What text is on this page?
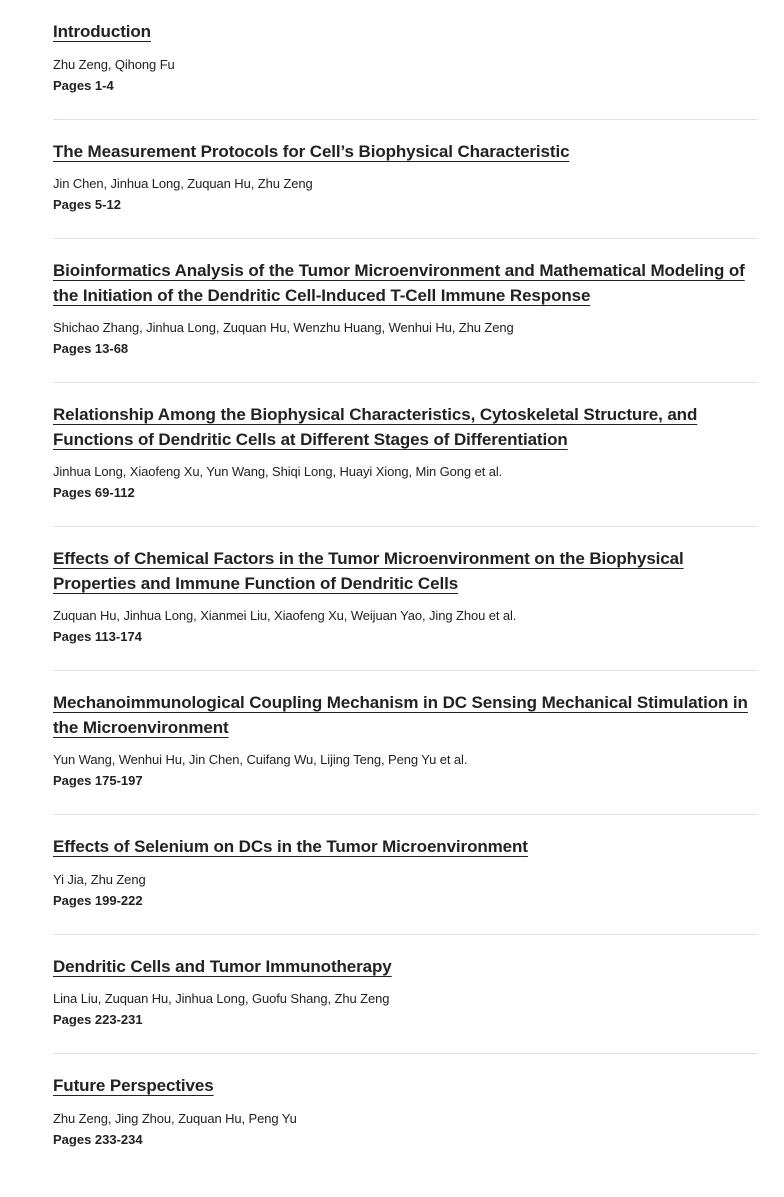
Introduction

Zhu Zeng, Qihong Fu

Pages 1-4

The Measurement Protocols for Cell’s Biophysical Characteristic

Jin Chen, Jinhua Long, Zuquan Hu, Zhu Zeng

Pages 5-12

Bioinformatics Analysis of the Tumor Microenvironment and Mathematical Modeling of the Initiation of the Dendritic Cell-Induced T-Cell Immune Response

Shichao Zhang, Jinhua Long, Zuquan Hu, Wenzhu Huang, Wenhui Hu, Zhu Zeng

Pages 13-68

Relationship Among the Biophysical Characteristics, Cytoskeletal Structure, and Functions of Dendritic Cells at Different Stages of Differentiation

Jinhua Long, Xiaofeng Xu, Yun Wang, Shiqi Long, Huayi Xiong, Min Gong et al.

Pages 69-112

Effects of Chemical Factors in the Tumor Microenvironment on the Biophysical Properties and Immune Function of Dendritic Cells

Zuquan Hu, Jinhua Long, Xianmei Liu, Xiaofeng Xu, Weijuan Yao, Jing Zhou et al.

Pages 113-174

Mechanoimmunological Coupling Mechanism in DC Sensing Mechanical Stimulation in the Microenvironment

Yun Wang, Wenhui Hu, Jin Chen, Cuifang Wu, Lijing Teng, Peng Yu et al.

Pages 175-197

Effects of Selenium on DCs in the Tumor Microenvironment

Yi Jia, Zhu Zeng

Pages 199-222

Dendritic Cells and Tumor Immunotherapy

Lina Liu, Zuquan Hu, Jinhua Long, Guofu Shang, Zhu Zeng

Pages 223-231

Future Perspectives

Zhu Zeng, Jing Zhou, Zuquan Hu, Peng Yu

Pages 233-234
